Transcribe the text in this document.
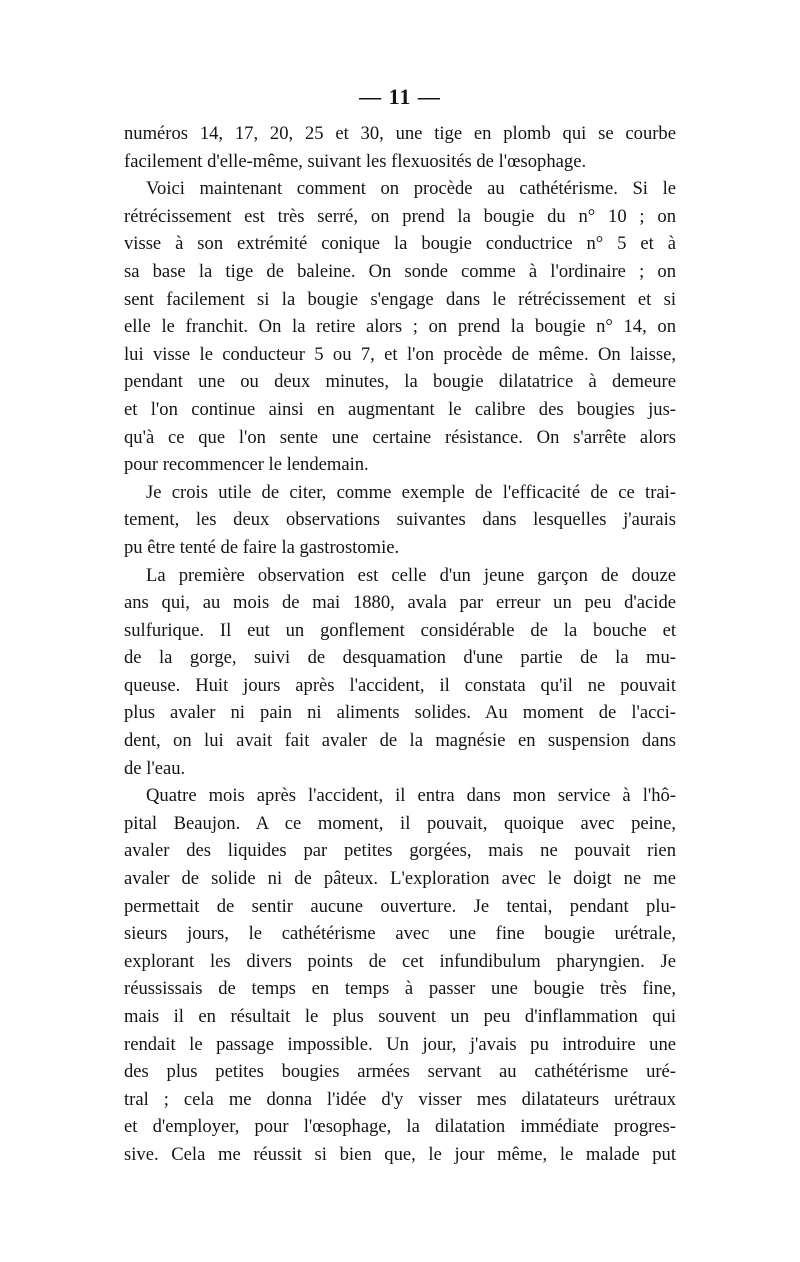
— 11 —
numéros 14, 17, 20, 25 et 30, une tige en plomb qui se courbe
facilement d'elle-même, suivant les flexuosités de l'œsophage.
Voici maintenant comment on procède au cathétérisme. Si le
rétrécissement est très serré, on prend la bougie du n° 10 ; on
visse à son extrémité conique la bougie conductrice n° 5 et à
sa base la tige de baleine. On sonde comme à l'ordinaire ; on
sent facilement si la bougie s'engage dans le rétrécissement et si
elle le franchit. On la retire alors ; on prend la bougie n° 14, on
lui visse le conducteur 5 ou 7, et l'on procède de même. On laisse,
pendant une ou deux minutes, la bougie dilatatrice à demeure
et l'on continue ainsi en augmentant le calibre des bougies jus-
qu'à ce que l'on sente une certaine résistance. On s'arrête alors
pour recommencer le lendemain.
Je crois utile de citer, comme exemple de l'efficacité de ce trai-
tement, les deux observations suivantes dans lesquelles j'aurais
pu être tenté de faire la gastrostomie.
La première observation est celle d'un jeune garçon de douze
ans qui, au mois de mai 1880, avala par erreur un peu d'acide
sulfurique. Il eut un gonflement considérable de la bouche et
de la gorge, suivi de desquamation d'une partie de la mu-
queuse. Huit jours après l'accident, il constata qu'il ne pouvait
plus avaler ni pain ni aliments solides. Au moment de l'acci-
dent, on lui avait fait avaler de la magnésie en suspension dans
de l'eau.
Quatre mois après l'accident, il entra dans mon service à l'hô-
pital Beaujon. A ce moment, il pouvait, quoique avec peine,
avaler des liquides par petites gorgées, mais ne pouvait rien
avaler de solide ni de pâteux. L'exploration avec le doigt ne me
permettait de sentir aucune ouverture. Je tentai, pendant plu-
sieurs jours, le cathétérisme avec une fine bougie urétrale,
explorant les divers points de cet infundibulum pharyngien. Je
réussissais de temps en temps à passer une bougie très fine,
mais il en résultait le plus souvent un peu d'inflammation qui
rendait le passage impossible. Un jour, j'avais pu introduire une
des plus petites bougies armées servant au cathétérisme uré-
tral ; cela me donna l'idée d'y visser mes dilatateurs urétraux
et d'employer, pour l'œsophage, la dilatation immédiate progres-
sive. Cela me réussit si bien que, le jour même, le malade put
